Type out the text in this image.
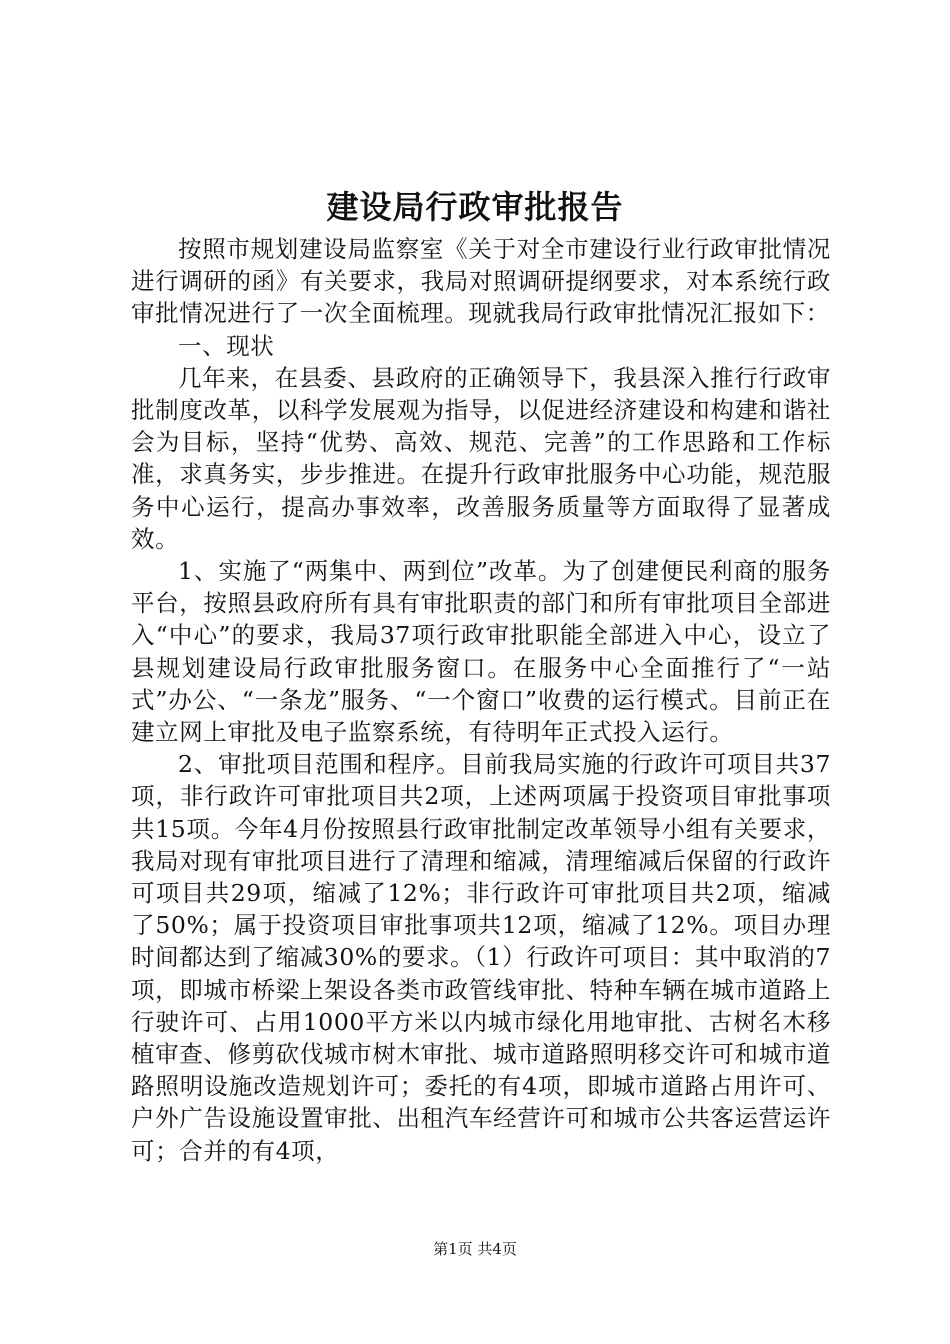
建设局行政审批报告

按照市规划建设局监察室《关于对全市建设行业行政审批情况进行调研的函》有关要求，我局对照调研提纲要求，对本系统行政审批情况进行了一次全面梳理。现就我局行政审批情况汇报如下：

一、现状

几年来，在县委、县政府的正确领导下，我县深入推行行政审批制度改革，以科学发展观为指导，以促进经济建设和构建和谐社会为目标，坚持“优势、高效、规范、完善”的工作思路和工作标准，求真务实，步步推进。在提升行政审批服务中心功能，规范服务中心运行，提高办事效率，改善服务质量等方面取得了显著成效。

1、实施了“两集中、两到位”改革。为了创建便民利商的服务平台，按照县政府所有具有审批职责的部门和所有审批项目全部进入“中心”的要求，我局37项行政审批职能全部进入中心，设立了县规划建设局行政审批服务窗口。在服务中心全面推行了“一站式”办公、“一条龙”服务、“一个窗口”收费的运行模式。目前正在建立网上审批及电子监察系统，有待明年正式投入运行。

2、审批项目范围和程序。目前我局实施的行政许可项目共37项，非行政许可审批项目共2项，上述两项属于投资项目审批事项共15项。今年4月份按照县行政审批制定改革领导小组有关要求，我局对现有审批项目进行了清理和缩减，清理缩减后保留的行政许可项目共29项，缩减了12%；非行政许可审批项目共2项，缩减了50%；属于投资项目审批事项共12项，缩减了12%。项目办理时间都达到了缩减30%的要求。（1）行政许可项目：其中取消的7项，即城市桥梁上架设各类市政管线审批、特种车辆在城市道路上行驶许可、占用1000平方米以内城市绿化用地审批、古树名木移植审查、修剪砍伐城市树木审批、城市道路照明移交许可和城市道路照明设施改造规划许可；委托的有4项，即城市道路占用许可、户外广告设施设置审批、出租汽车经营许可和城市公共客运营运许可；合并的有4项，

第1页 共4页
